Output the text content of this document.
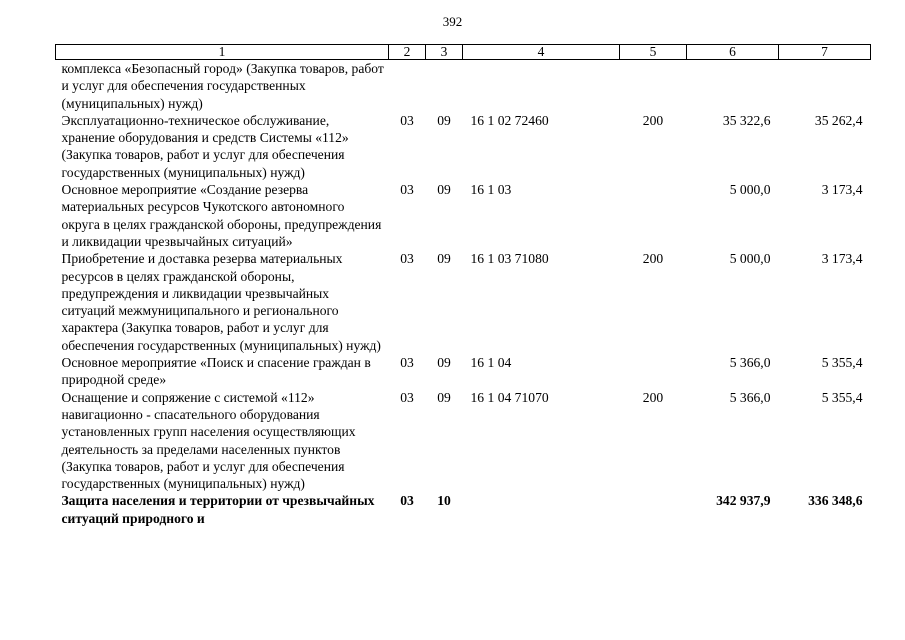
392
1	2	3	4	5	6	7
комплекса «Безопасный город» (Закупка товаров, работ и услуг для обеспечения государственных (муниципальных) нужд)						
Эксплуатационно-техническое обслуживание, хранение оборудования и средств Системы «112» (Закупка товаров, работ и услуг для обеспечения государственных (муниципальных) нужд)	03	09	16 1 02 72460	200	35 322,6	35 262,4
Основное мероприятие «Создание резерва материальных ресурсов Чукотского автономного округа в целях гражданской обороны, предупреждения и ликвидации чрезвычайных ситуаций»	03	09	16 1 03		5 000,0	3 173,4
Приобретение и доставка резерва материальных ресурсов в целях гражданской обороны, предупреждения и ликвидации чрезвычайных ситуаций межмуниципального и регионального характера (Закупка товаров, работ и услуг для обеспечения государственных (муниципальных) нужд)	03	09	16 1 03 71080	200	5 000,0	3 173,4
Основное мероприятие «Поиск и спасение граждан в природной среде»	03	09	16 1 04		5 366,0	5 355,4
Оснащение и сопряжение с системой «112» навигационно - спасательного оборудования установленных групп населения осуществляющих деятельность за пределами населенных пунктов (Закупка товаров, работ и услуг для обеспечения государственных (муниципальных) нужд)	03	09	16 1 04 71070	200	5 366,0	5 355,4
Защита населения и территории от чрезвычайных ситуаций природного и	03	10			342 937,9	336 348,6
